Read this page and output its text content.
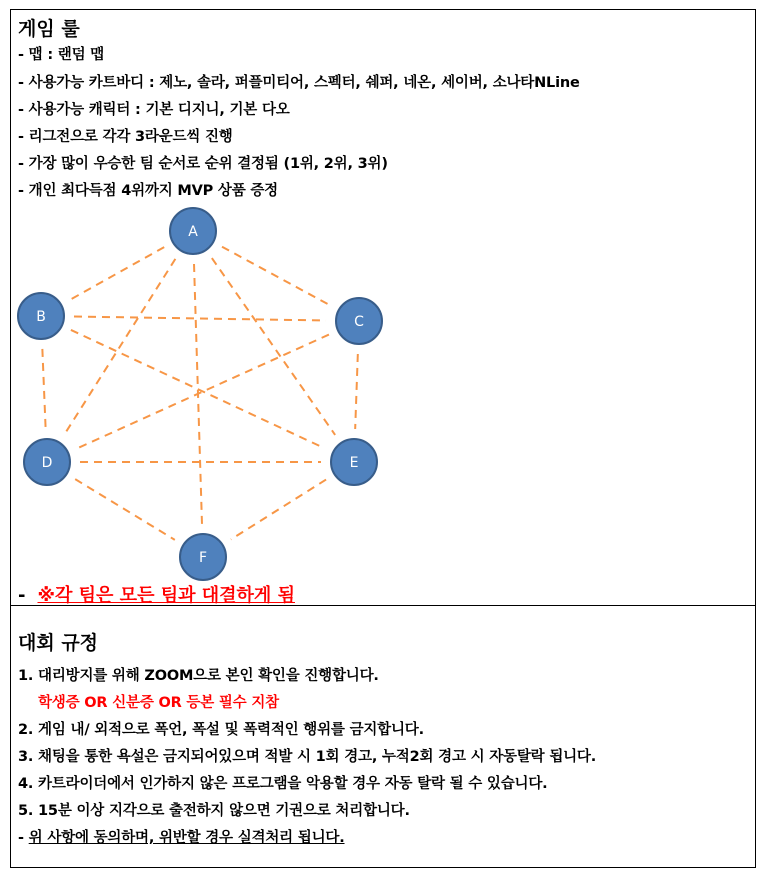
게임 룰
- 맵 : 랜덤 맵
- 사용가능 카트바디 : 제노, 솔라, 퍼플미티어, 스펙터, 쉐퍼, 네온, 세이버, 소나타NLine
- 사용가능 캐릭터 : 기본 디지니, 기본 다오
- 리그전으로 각각 3라운드씩 진행
- 가장 많이 우승한 팀 순서로 순위 결정됨 (1위, 2위, 3위)
- 개인 최다득점 4위까지 MVP 상품 증정
A
B	C
D	E
F
- ※각 팀은 모든 팀과 대결하게 됨
대회 규정
1. 대리방지를 위해 ZOOM으로 본인 확인을 진행합니다.
학생증 OR 신분증 OR 등본 필수 지참
2. 게임 내/ 외적으로 폭언, 폭설 및 폭력적인 행위를 금지합니다.
3. 채팅을 통한 욕설은 금지되어있으며 적발 시 1회 경고, 누적2회 경고 시 자동탈락 됩니다.
4. 카트라이더에서 인가하지 않은 프로그램을 악용할 경우 자동 탈락 될 수 있습니다.
5. 15분 이상 지각으로 출전하지 않으면 기권으로 처리합니다.
- 위 사항에 동의하며, 위반할 경우 실격처리 됩니다.
